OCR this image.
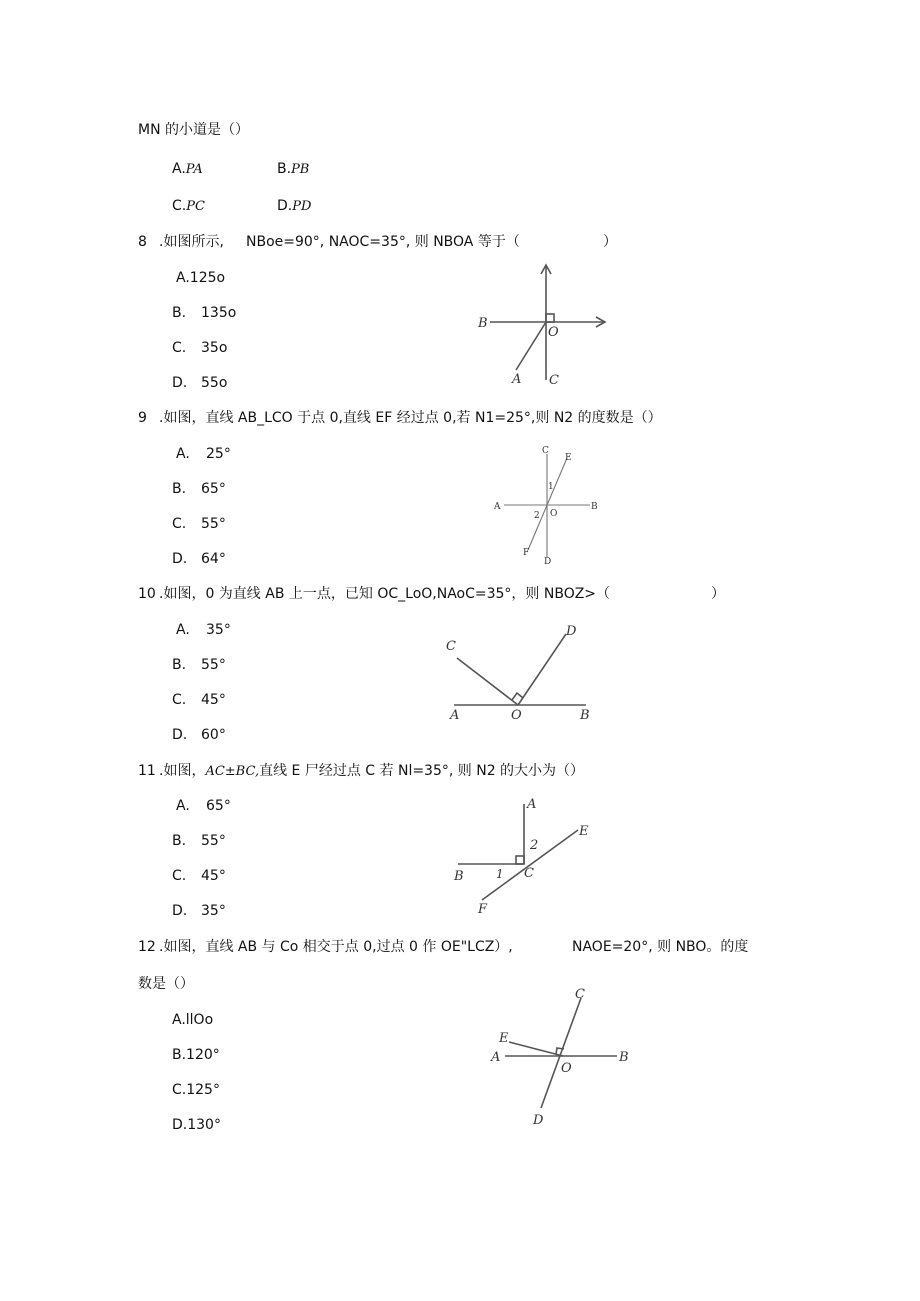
MN 的小道是（）
A.PA	B.PB
C.PC	D.PD
8 .如图所示, NBoe=90°, NAOC=35°, 则 NBOA 等于（	）
A.125o
B. 135o
C. 35o
D. 55o
B
O
A C
9 .如图，直线 AB_LCO 于点 0,直线 EF 经过点 0,若 N1=25°,则 N2 的度数是（）
A. 25°
B. 65°
C. 55°
D. 64°
C
E
1
A	B
O
2
F
D
10 .如图，0 为直线 AB 上一点，已知 OC_LoO,NAoC=35°，则 NBOZ>（	）
A. 35°
B. 55°
C. 45°
D. 60°
C
D
A	O	B
11 .如图，AC±BC,直线 E 尸经过点 C 若 Nl=35°, 则 N2 的大小为（）
A. 65°
B. 55°
C. 45°
D. 35°
A
E
2
B	1 C
F
12 .如图，直线 AB 与 Co 相交于点 0,过点 0 作 OE"LCZ）,	NAOE=20°, 则 NBO。的度
数是（）
A.llOo
B.120°
C.125°
D.130°
C
E
A
O
B
D
